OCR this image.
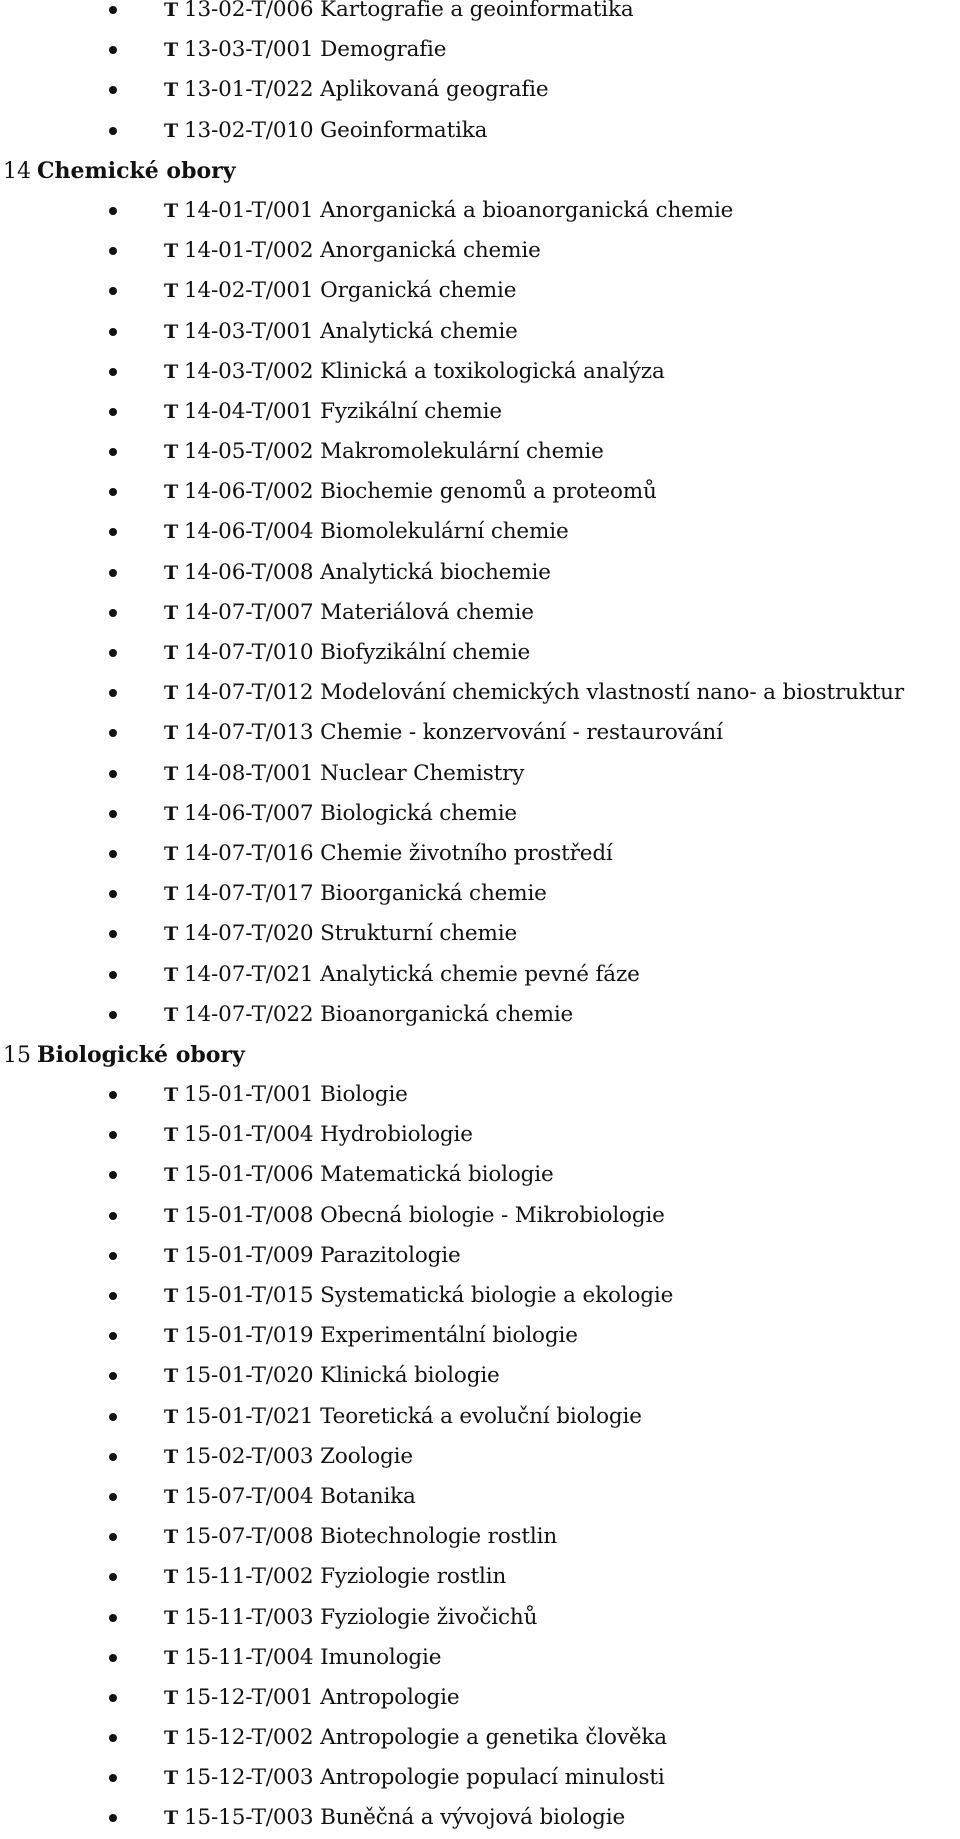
T 13-02-T/006 Kartografie a geoinformatika
T 13-03-T/001 Demografie
T 13-01-T/022 Aplikovaná geografie
T 13-02-T/010 Geoinformatika
14 Chemické obory
T 14-01-T/001 Anorganická a bioanorganická chemie
T 14-01-T/002 Anorganická chemie
T 14-02-T/001 Organická chemie
T 14-03-T/001 Analytická chemie
T 14-03-T/002 Klinická a toxikologická analýza
T 14-04-T/001 Fyzikální chemie
T 14-05-T/002 Makromolekulární chemie
T 14-06-T/002 Biochemie genomů a proteomů
T 14-06-T/004 Biomolekulární chemie
T 14-06-T/008 Analytická biochemie
T 14-07-T/007 Materiálová chemie
T 14-07-T/010 Biofyzikální chemie
T 14-07-T/012 Modelování chemických vlastností nano- a biostruktur
T 14-07-T/013 Chemie - konzervování - restaurování
T 14-08-T/001 Nuclear Chemistry
T 14-06-T/007 Biologická chemie
T 14-07-T/016 Chemie životního prostředí
T 14-07-T/017 Bioorganická chemie
T 14-07-T/020 Strukturní chemie
T 14-07-T/021 Analytická chemie pevné fáze
T 14-07-T/022 Bioanorganická chemie
15 Biologické obory
T 15-01-T/001 Biologie
T 15-01-T/004 Hydrobiologie
T 15-01-T/006 Matematická biologie
T 15-01-T/008 Obecná biologie - Mikrobiologie
T 15-01-T/009 Parazitologie
T 15-01-T/015 Systematická biologie a ekologie
T 15-01-T/019 Experimentální biologie
T 15-01-T/020 Klinická biologie
T 15-01-T/021 Teoretická a evoluční biologie
T 15-02-T/003 Zoologie
T 15-07-T/004 Botanika
T 15-07-T/008 Biotechnologie rostlin
T 15-11-T/002 Fyziologie rostlin
T 15-11-T/003 Fyziologie živočichů
T 15-11-T/004 Imunologie
T 15-12-T/001 Antropologie
T 15-12-T/002 Antropologie a genetika člověka
T 15-12-T/003 Antropologie populací minulosti
T 15-15-T/003 Buněčná a vývojová biologie
